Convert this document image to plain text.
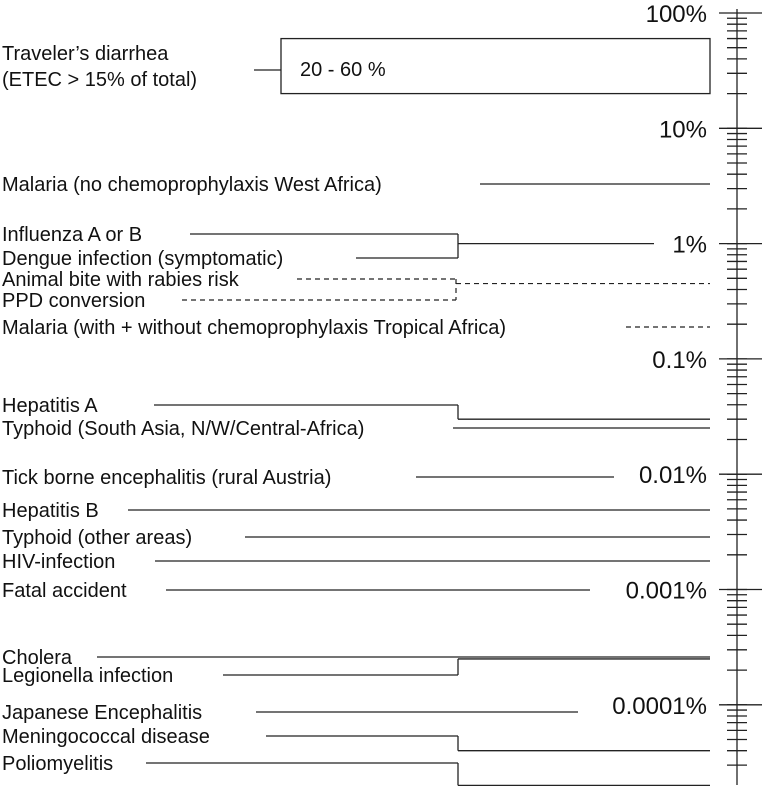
100%
10%
1%
0.1%
0.01%
0.001%
0.0001%
20 - 60 %
Traveler’s diarrhea
(ETEC > 15% of total)
Malaria (no chemoprophylaxis West Africa)
Influenza A or B
Dengue infection (symptomatic)
Animal bite with rabies risk
PPD conversion
Malaria (with + without chemoprophylaxis Tropical Africa)
Hepatitis A
Typhoid (South Asia, N/W/Central-Africa)
Tick borne encephalitis (rural Austria)
Hepatitis B
Typhoid (other areas)
HIV-infection
Fatal accident
Cholera
Legionella infection
Japanese Encephalitis
Meningococcal disease
Poliomyelitis
